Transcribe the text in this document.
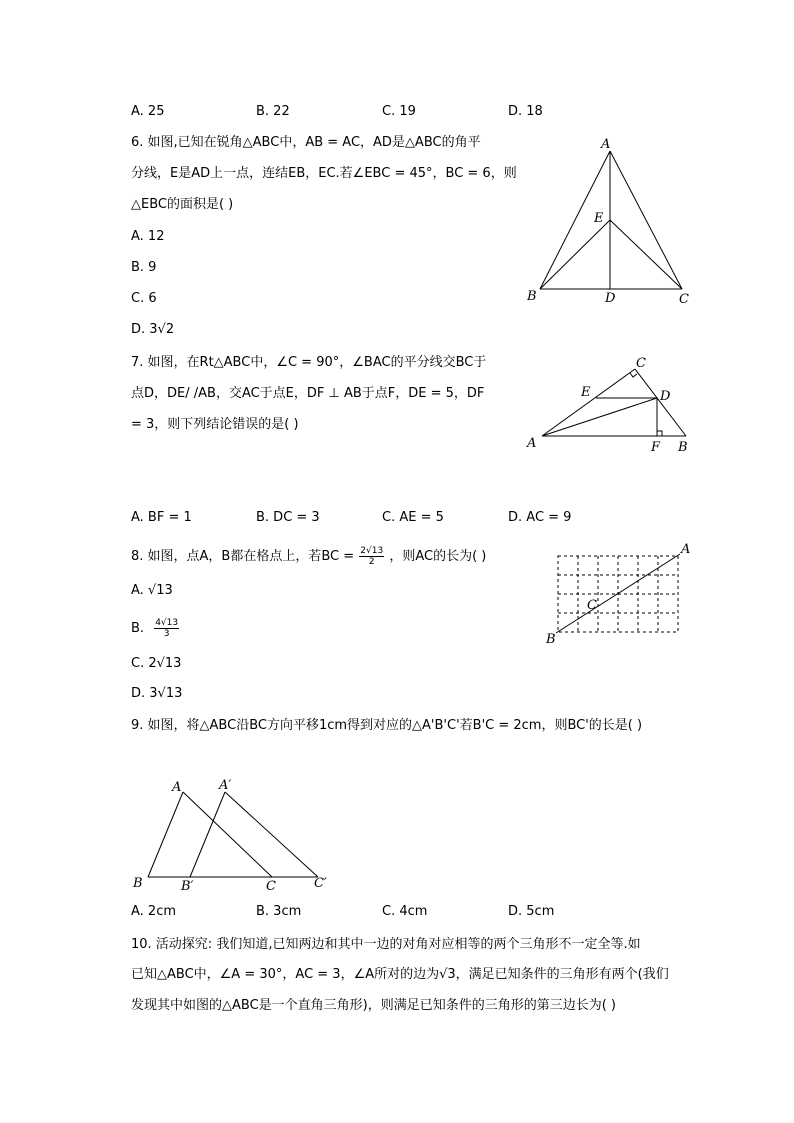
A. 25	B. 22	C. 19	D. 18
6. 如图,已知在锐角△ABC中，AB = AC，AD是△ABC的角平
分线，E是AD上一点，连结EB，EC.若∠EBC = 45°，BC = 6，则
△EBC的面积是( )
A. 12
B. 9
C. 6
D. 3√2
A
E
B	D	C
7. 如图，在Rt△ABC中，∠C = 90°，∠BAC的平分线交BC于
点D，DE/ /AB，交AC于点E，DF ⊥ AB于点F，DE = 5，DF
= 3，则下列结论错误的是( )
C
E	D
A	F B
A. BF = 1	B. DC = 3	C. AE = 5	D. AC = 9
8. 如图，点A，B都在格点上，若BC = $\frac{2√13}{2}$ ，则AC的长为( )
A. √13
B. $\frac{4√13}{3}$
C. 2√13
D. 3√13
A
C
B
9. 如图，将△ABC沿BC方向平移1cm得到对应的△A'B'C'若B'C = 2cm，则BC'的长是( )
A	A′
B	B′	C	C′
A. 2cm	B. 3cm	C. 4cm	D. 5cm
10. 活动探究: 我们知道,已知两边和其中一边的对角对应相等的两个三角形不一定全等.如
已知△ABC中，∠A = 30°，AC = 3，∠A所对的边为√3，满足已知条件的三角形有两个(我们
发现其中如图的△ABC是一个直角三角形)，则满足已知条件的三角形的第三边长为( )
